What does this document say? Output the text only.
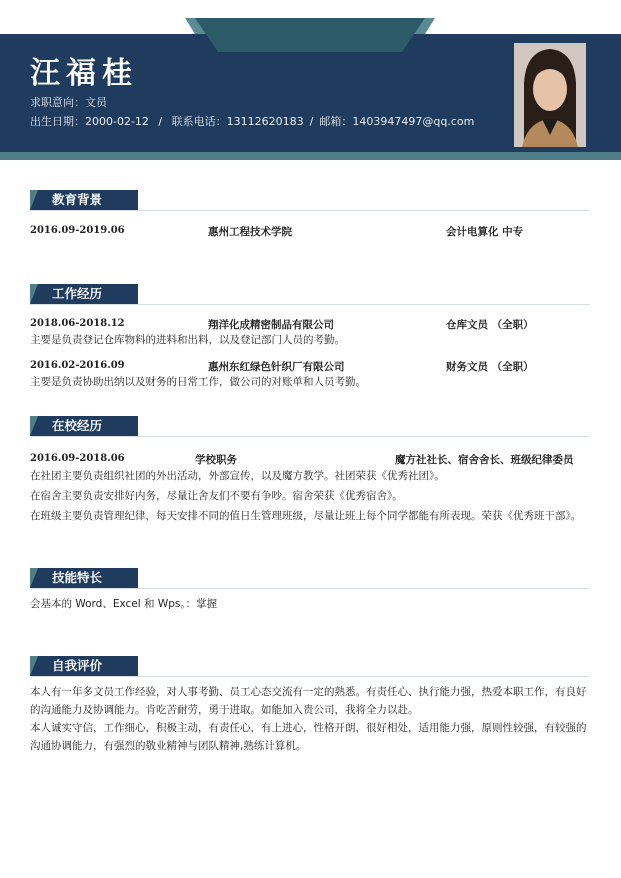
汪福桂
求职意向：文员
出生日期：2000-02-12 / 联系电话：13112620183 / 邮箱：1403947497@qq.com
教育背景
2016.09-2019.06	惠州工程技术学院	会计电算化 中专
工作经历
2018.06-2018.12	翔洋化成精密制品有限公司	仓库文员 （全职）
主要是负责登记仓库物料的进料和出料，以及登记部门人员的考勤。
2016.02-2016.09	惠州东红绿色针织厂有限公司	财务文员 （全职）
主要是负责协助出纳以及财务的日常工作，做公司的对账单和人员考勤。
在校经历
2016.09-2018.06	学校职务	魔方社社长、宿舍舍长、班级纪律委员
在社团主要负责组织社团的外出活动，外部宣传，以及魔方教学。社团荣获《优秀社团》。
在宿舍主要负责安排好内务，尽量让舍友们不要有争吵。宿舍荣获《优秀宿舍》。
在班级主要负责管理纪律，每天安排不同的值日生管理班级，尽量让班上每个同学都能有所表现。荣获《优秀班干部》。
技能特长
会基本的 Word、Excel 和 Wps。：掌握
自我评价
本人有一年多文员工作经验，对人事考勤、员工心态交流有一定的熟悉。有责任心、执行能力强，热爱本职工作，有良好的沟通能力及协调能力。肯吃苦耐劳，勇于进取。如能加入贵公司，我将全力以赴。
本人诚实守信，工作细心，积极主动，有责任心，有上进心，性格开朗，很好相处，适用能力强，原则性较强，有较强的沟通协调能力，有强烈的敬业精神与团队精神,熟练计算机。
